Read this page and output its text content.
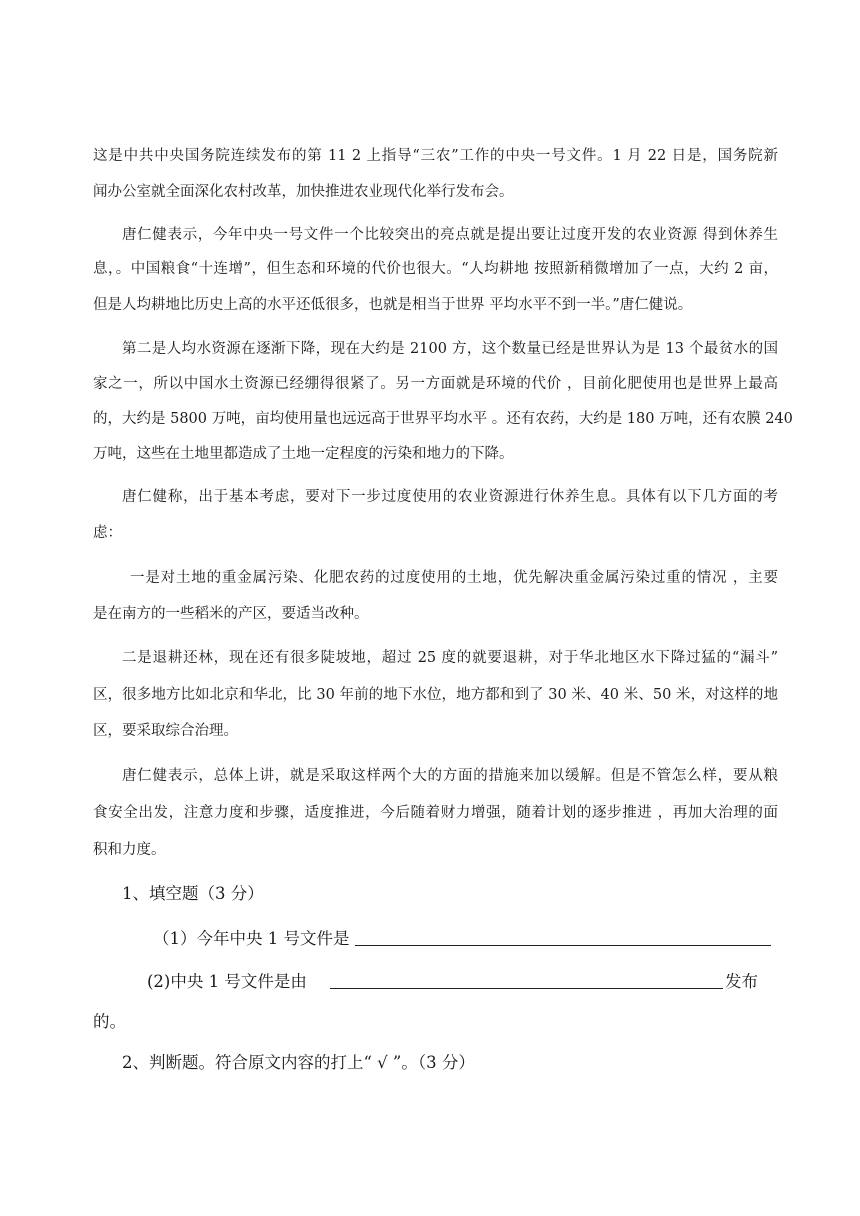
这是中共中央国务院连续发布的第 11 2 上指导“三农”工作的中央一号文件。1 月 22 日是，国务院新

闻办公室就全面深化农村改革，加快推进农业现代化举行发布会。

唐仁健表示，今年中央一号文件一个比较突出的亮点就是提出要让过度开发的农业资源 得到休养生

息，。中国粮食“十连增”，但生态和环境的代价也很大。“人均耕地 按照新稍微增加了一点，大约 2 亩，

但是人均耕地比历史上高的水平还低很多，也就是相当于世界 平均水平不到一半。”唐仁健说。

第二是人均水资源在逐渐下降，现在大约是 2100 方，这个数量已经是世界认为是 13 个最贫水的国

家之一，所以中国水土资源已经绷得很紧了。另一方面就是环境的代价 ，目前化肥使用也是世界上最高

的，大约是 5800 万吨，亩均使用量也远远高于世界平均水平 。还有农药，大约是 180 万吨，还有农膜 240

万吨，这些在土地里都造成了土地一定程度的污染和地力的下降。

唐仁健称，出于基本考虑，要对下一步过度使用的农业资源进行休养生息。具体有以下几方面的考

虑：

一是对土地的重金属污染、化肥农药的过度使用的土地，优先解决重金属污染过重的情况 ，主要

是在南方的一些稻米的产区，要适当改种。

二是退耕还林，现在还有很多陡坡地，超过 25 度的就要退耕，对于华北地区水下降过猛的“漏斗”

区，很多地方比如北京和华北，比 30 年前的地下水位，地方都和到了 30 米、40 米、50 米，对这样的地

区，要采取综合治理。

唐仁健表示，总体上讲，就是采取这样两个大的方面的措施来加以缓解。但是不管怎么样，要从粮

食安全出发，注意力度和步骤，适度推进，今后随着财力增强，随着计划的逐步推进 ，再加大治理的面

积和力度。

1、填空题（3 分）

（1）今年中央 1 号文件是

(2)中央 1 号文件是由	发布

的。

2、判断题。符合原文内容的打上“ √ ”。（3 分）
